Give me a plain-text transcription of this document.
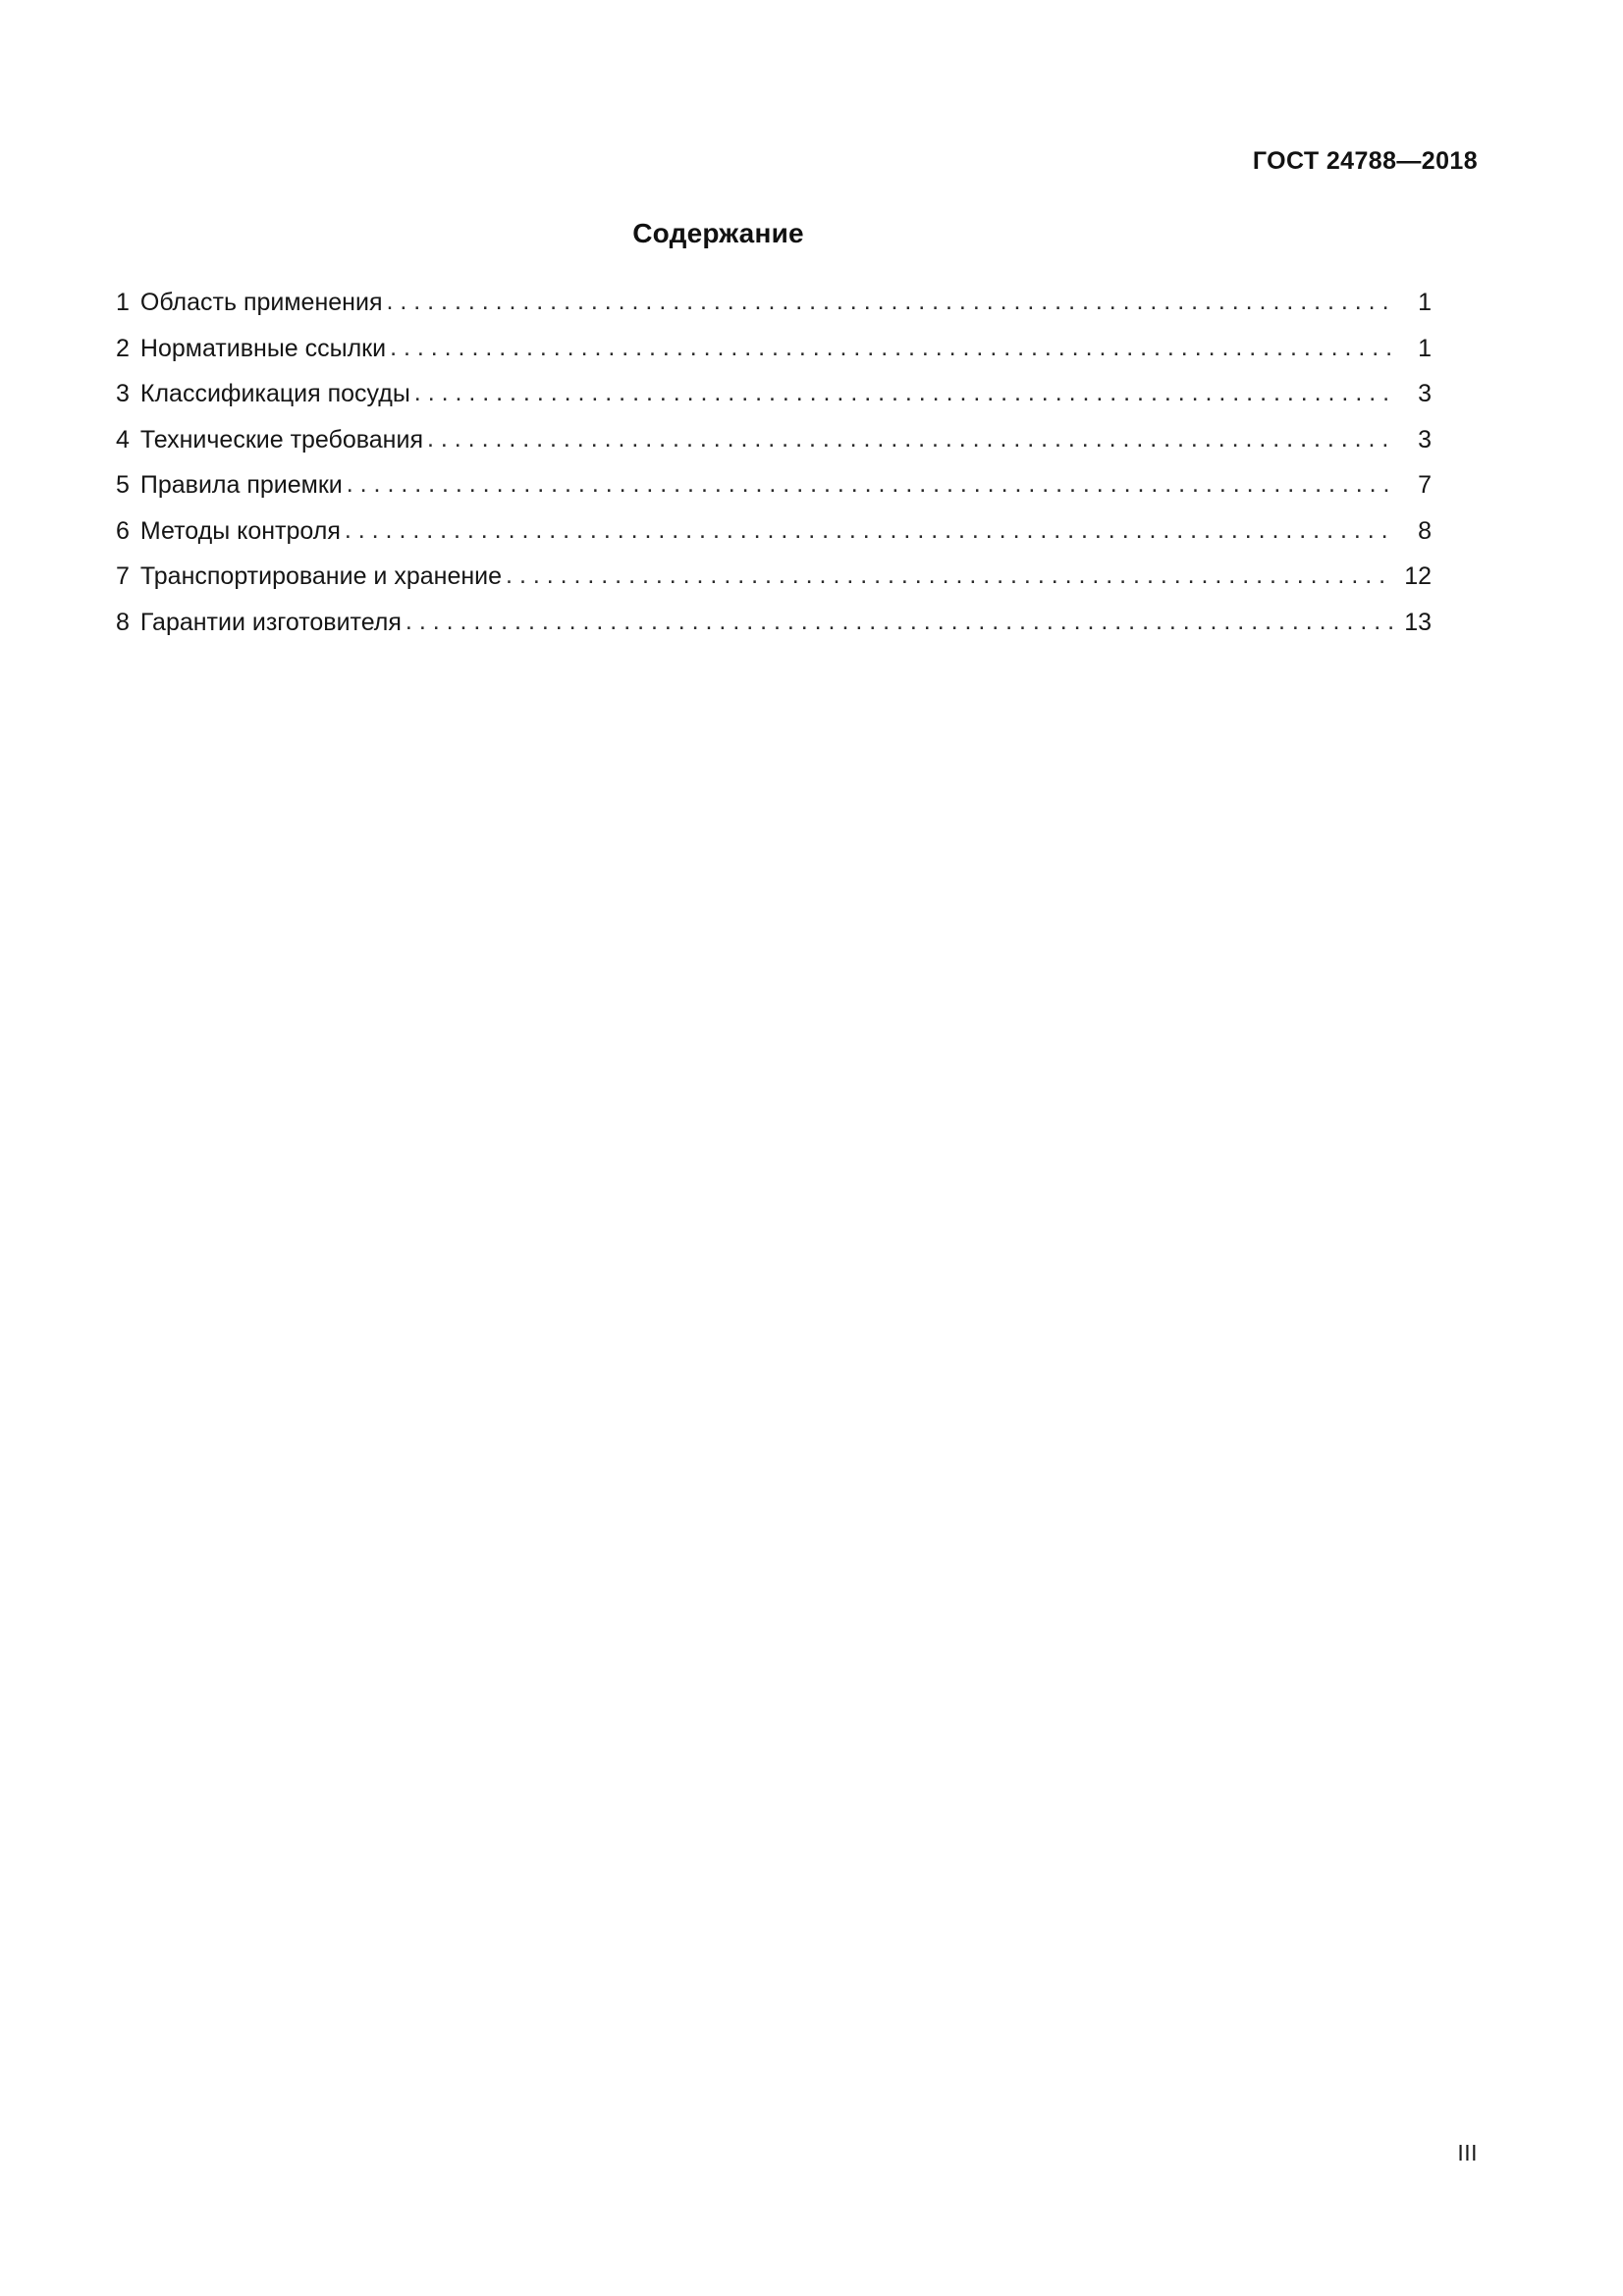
ГОСТ 24788—2018
Содержание
1 Область применения . . .	1
2 Нормативные ссылки . . .	1
3 Классификация посуды . . .	3
4 Технические требования . . .	3
5 Правила приемки . . .	7
6 Методы контроля . . .	8
7 Транспортирование и хранение . . .	12
8 Гарантии изготовителя . . .	13
III
